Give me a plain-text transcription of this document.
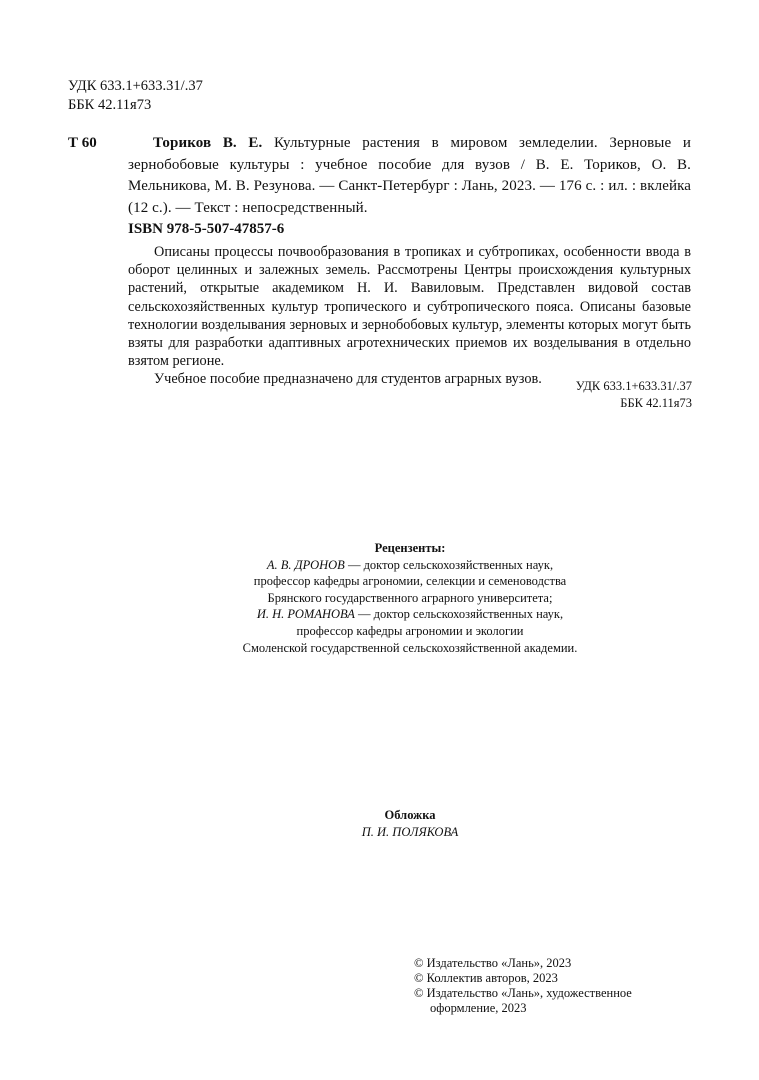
УДК 633.1+633.31/.37
ББК 42.11я73
Т 60	Ториков В. Е. Культурные растения в мировом земледелии. Зерновые и зернобобовые культуры : учебное пособие для вузов / В. Е. Ториков, О. В. Мельникова, М. В. Резунова. — Санкт-Петербург : Лань, 2023. — 176 с. : ил. : вклейка (12 с.). — Текст : непосредственный.
ISBN 978-5-507-47857-6

Описаны процессы почвообразования в тропиках и субтропиках, особенности ввода в оборот целинных и залежных земель. Рассмотрены Центры происхождения культурных растений, открытые академиком Н. И. Вавиловым. Представлен видовой состав сельскохозяйственных культур тропического и субтропического пояса. Описаны базовые технологии возделывания зерновых и зернобобовых культур, элементы которых могут быть взяты для разработки адаптивных агротехнических приемов их возделывания в отдельно взятом регионе.

Учебное пособие предназначено для студентов аграрных вузов.	УДК 633.1+633.31/.37
ББК 42.11я73
Рецензенты:
А. В. ДРОНОВ — доктор сельскохозяйственных наук,
профессор кафедры агрономии, селекции и семеноводства
Брянского государственного аграрного университета;
И. Н. РОМАНОВА — доктор сельскохозяйственных наук,
профессор кафедры агрономии и экологии
Смоленской государственной сельскохозяйственной академии.
Обложка
П. И. ПОЛЯКОВА
© Издательство «Лань», 2023
© Коллектив авторов, 2023
© Издательство «Лань», художественное
оформление, 2023
